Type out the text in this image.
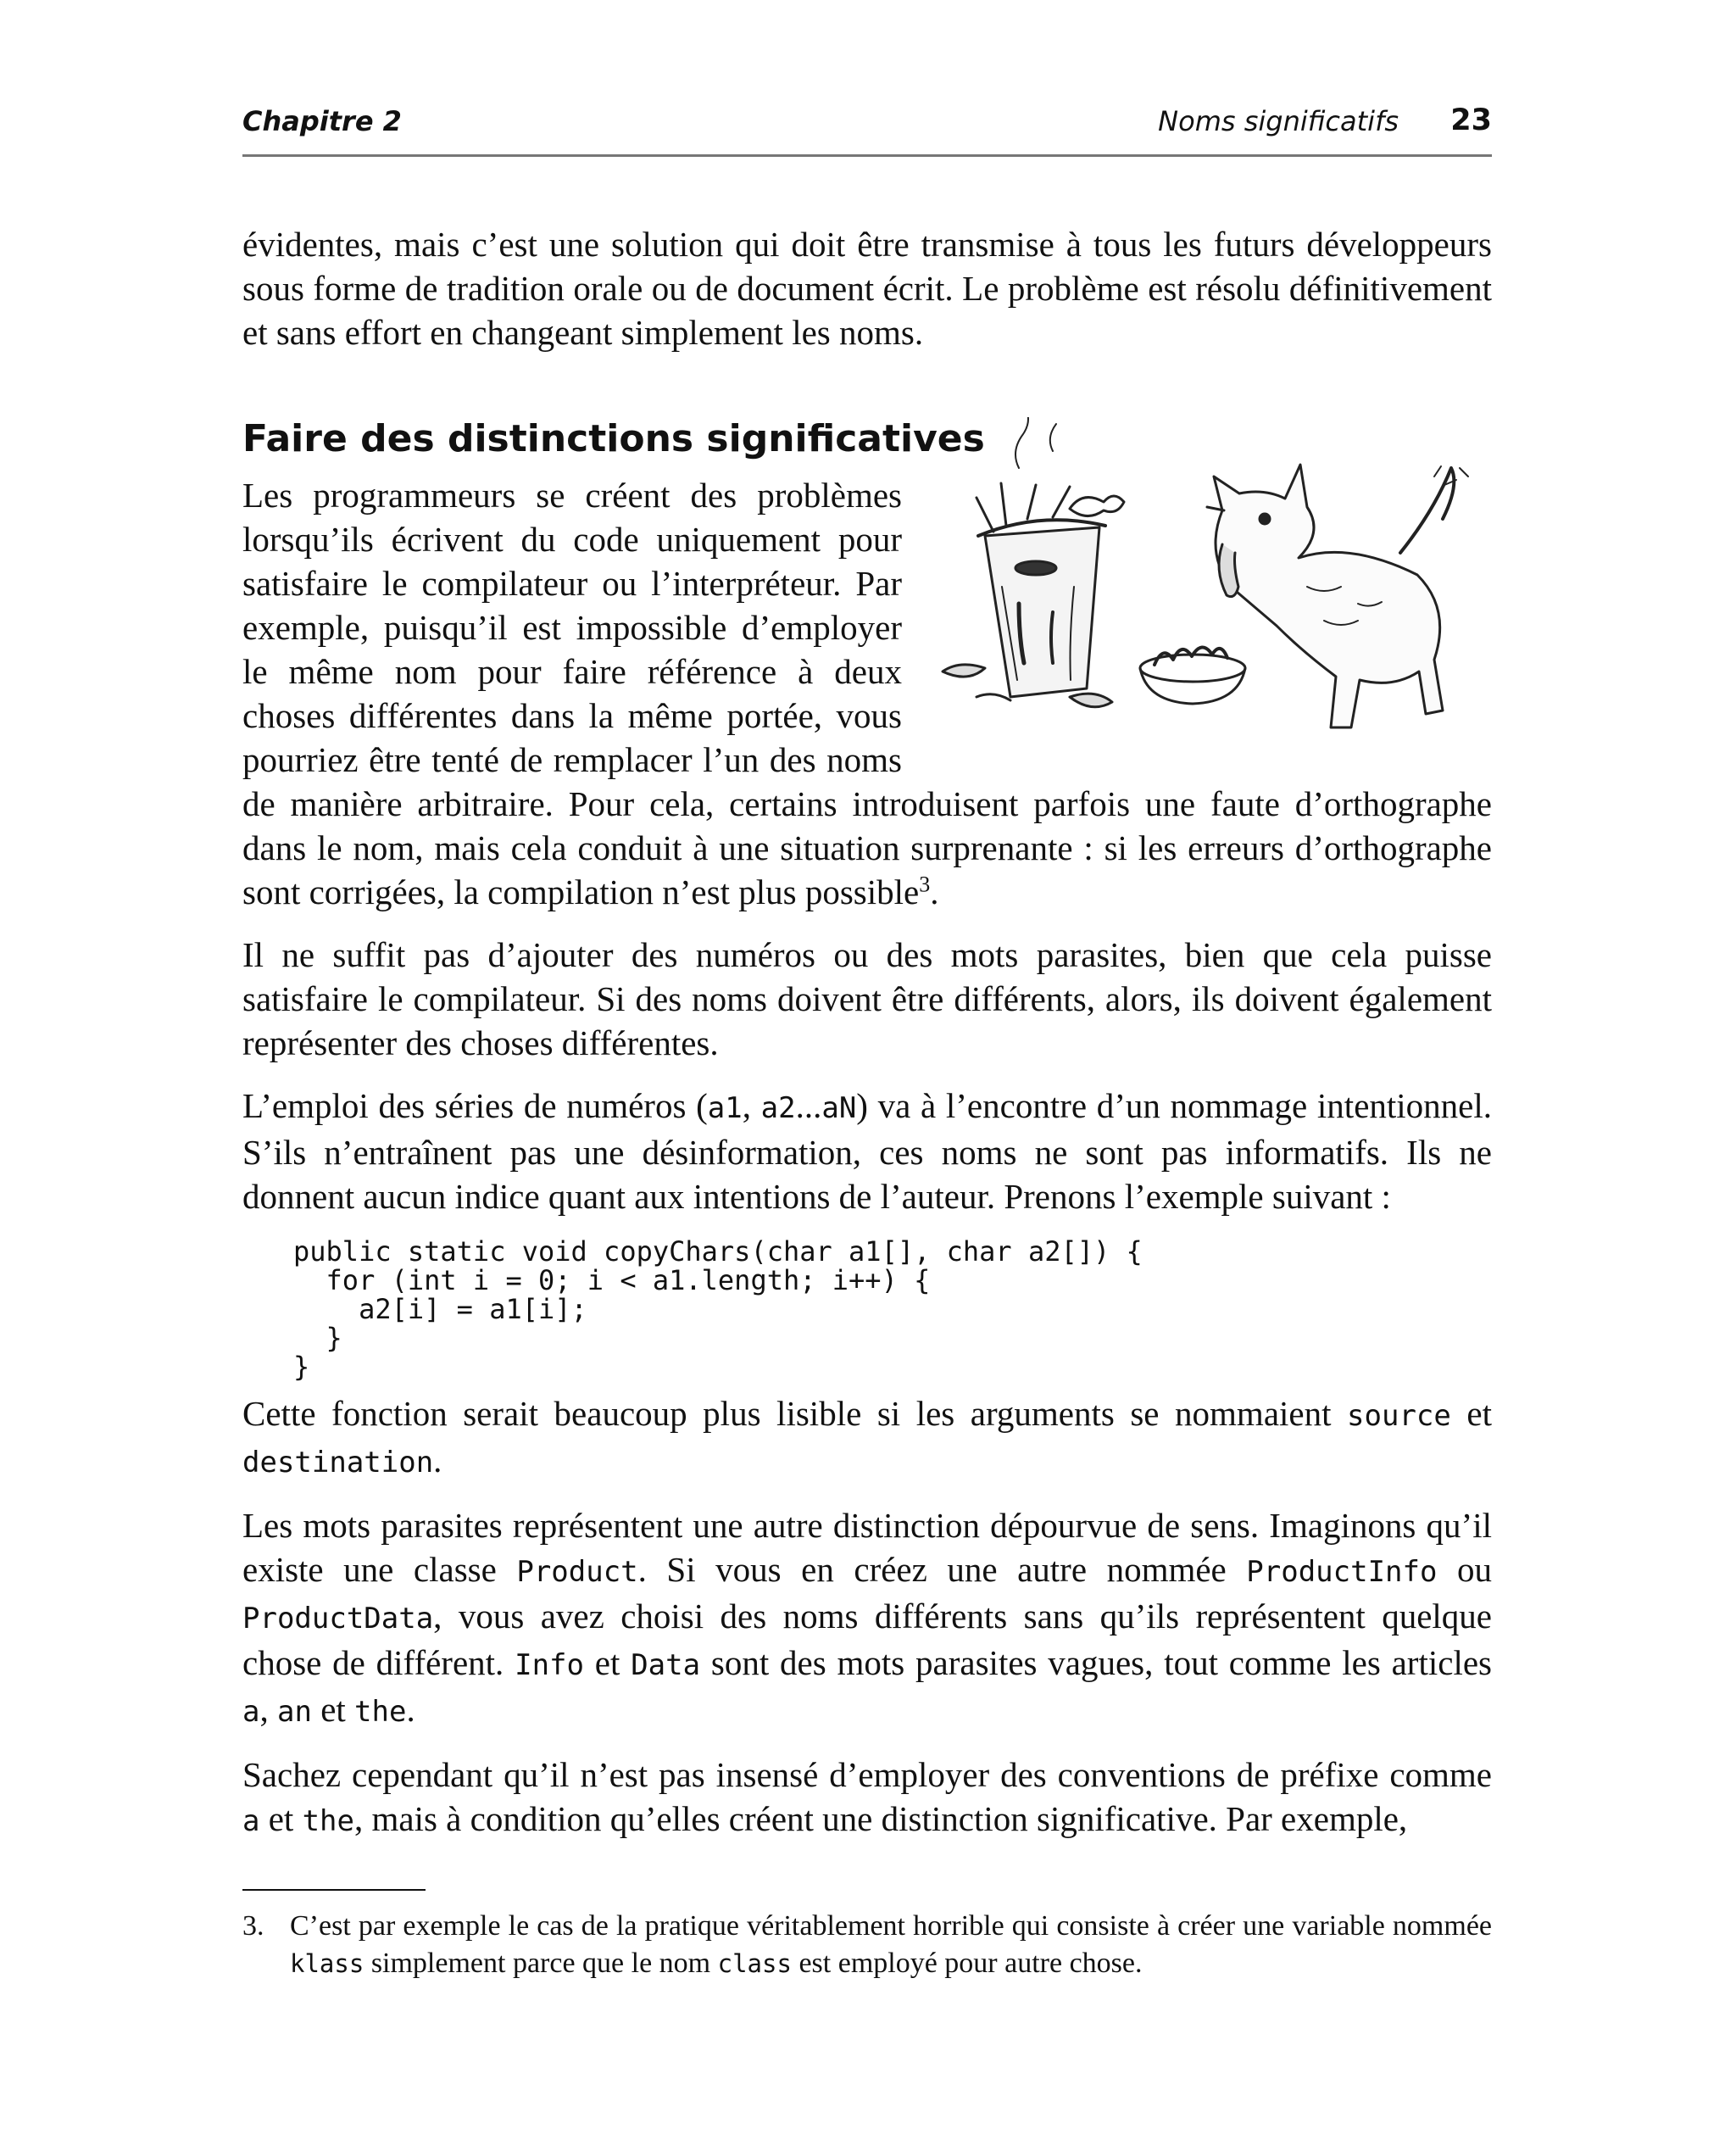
Chapitre 2	Noms significatifs 23

évidentes, mais c’est une solution qui doit être transmise à tous les futurs développeurs sous forme de tradition orale ou de document écrit. Le problème est résolu définitivement et sans effort en changeant simplement les noms.

Faire des distinctions significatives

Les programmeurs se créent des problèmes lorsqu’ils écrivent du code uniquement pour satisfaire le compilateur ou l’interpréteur. Par exemple, puisqu’il est impossible d’employer le même nom pour faire référence à deux choses différentes dans la même portée, vous pourriez être tenté de remplacer l’un des noms de manière arbitraire. Pour cela, certains introduisent parfois une faute d’orthographe dans le nom, mais cela conduit à une situation surprenante : si les erreurs d’orthographe sont corrigées, la compilation n’est plus possible$^3$.

Il ne suffit pas d’ajouter des numéros ou des mots parasites, bien que cela puisse satisfaire le compilateur. Si des noms doivent être différents, alors, ils doivent également représenter des choses différentes.

L’emploi des séries de numéros (a1, a2...aN) va à l’encontre d’un nommage intentionnel. S’ils n’entraînent pas une désinformation, ces noms ne sont pas informatifs. Ils ne donnent aucun indice quant aux intentions de l’auteur. Prenons l’exemple suivant :

public static void copyChars(char a1[], char a2[]) {
for (int i = 0; i < a1.length; i++) {
a2[i] = a1[i];
}
}

Cette fonction serait beaucoup plus lisible si les arguments se nommaient source et destination.

Les mots parasites représentent une autre distinction dépourvue de sens. Imaginons qu’il existe une classe Product. Si vous en créez une autre nommée ProductInfo ou ProductData, vous avez choisi des noms différents sans qu’ils représentent quelque chose de différent. Info et Data sont des mots parasites vagues, tout comme les articles a, an et the.

Sachez cependant qu’il n’est pas insensé d’employer des conventions de préfixe comme a et the, mais à condition qu’elles créent une distinction significative. Par exemple,

3. C’est par exemple le cas de la pratique véritablement horrible qui consiste à créer une variable nommée klass simplement parce que le nom class est employé pour autre chose.
